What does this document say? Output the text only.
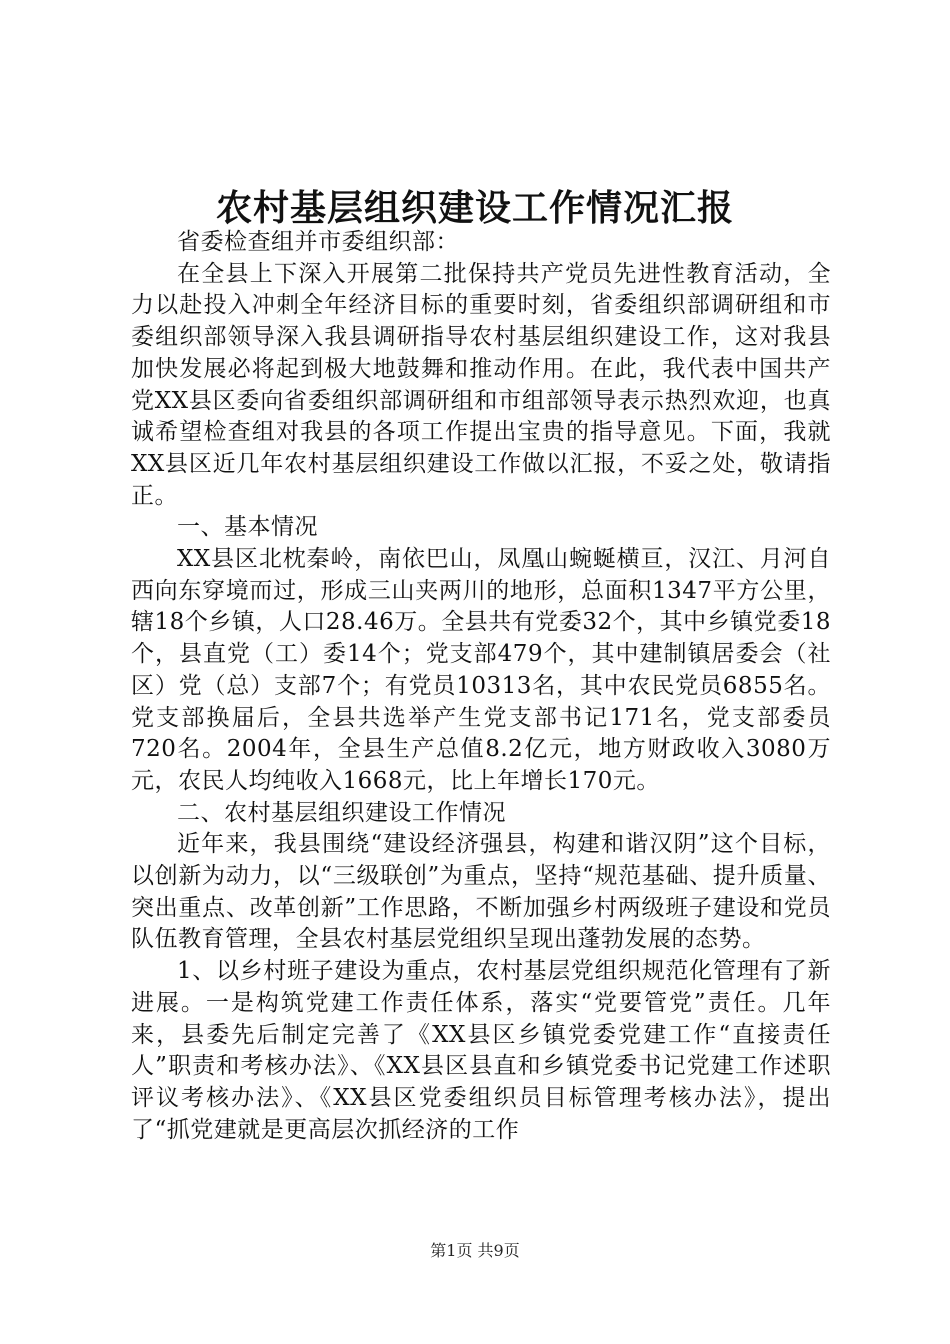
农村基层组织建设工作情况汇报

省委检查组并市委组织部：

在全县上下深入开展第二批保持共产党员先进性教育活动，全力以赴投入冲刺全年经济目标的重要时刻，省委组织部调研组和市委组织部领导深入我县调研指导农村基层组织建设工作，这对我县加快发展必将起到极大地鼓舞和推动作用。在此，我代表中国共产党XX县区委向省委组织部调研组和市组部领导表示热烈欢迎，也真诚希望检查组对我县的各项工作提出宝贵的指导意见。下面，我就XX县区近几年农村基层组织建设工作做以汇报，不妥之处，敬请指正。

一、基本情况

XX县区北枕秦岭，南依巴山，凤凰山蜿蜒横亘，汉江、月河自西向东穿境而过，形成三山夹两川的地形，总面积1347平方公里，辖18个乡镇，人口28.46万。全县共有党委32个，其中乡镇党委18个，县直党（工）委14个；党支部479个，其中建制镇居委会（社区）党（总）支部7个；有党员10313名，其中农民党员6855名。党支部换届后，全县共选举产生党支部书记171名，党支部委员720名。2004年，全县生产总值8.2亿元，地方财政收入3080万元，农民人均纯收入1668元，比上年增长170元。

二、农村基层组织建设工作情况

近年来，我县围绕“建设经济强县，构建和谐汉阴”这个目标，以创新为动力，以“三级联创”为重点，坚持“规范基础、提升质量、突出重点、改革创新”工作思路，不断加强乡村两级班子建设和党员队伍教育管理，全县农村基层党组织呈现出蓬勃发展的态势。

1、以乡村班子建设为重点，农村基层党组织规范化管理有了新进展。一是构筑党建工作责任体系，落实“党要管党”责任。几年来，县委先后制定完善了《XX县区乡镇党委党建工作“直接责任人”职责和考核办法》、《XX县区县直和乡镇党委书记党建工作述职评议考核办法》、《XX县区党委组织员目标管理考核办法》，提出了“抓党建就是更高层次抓经济的工作

第1页 共9页
